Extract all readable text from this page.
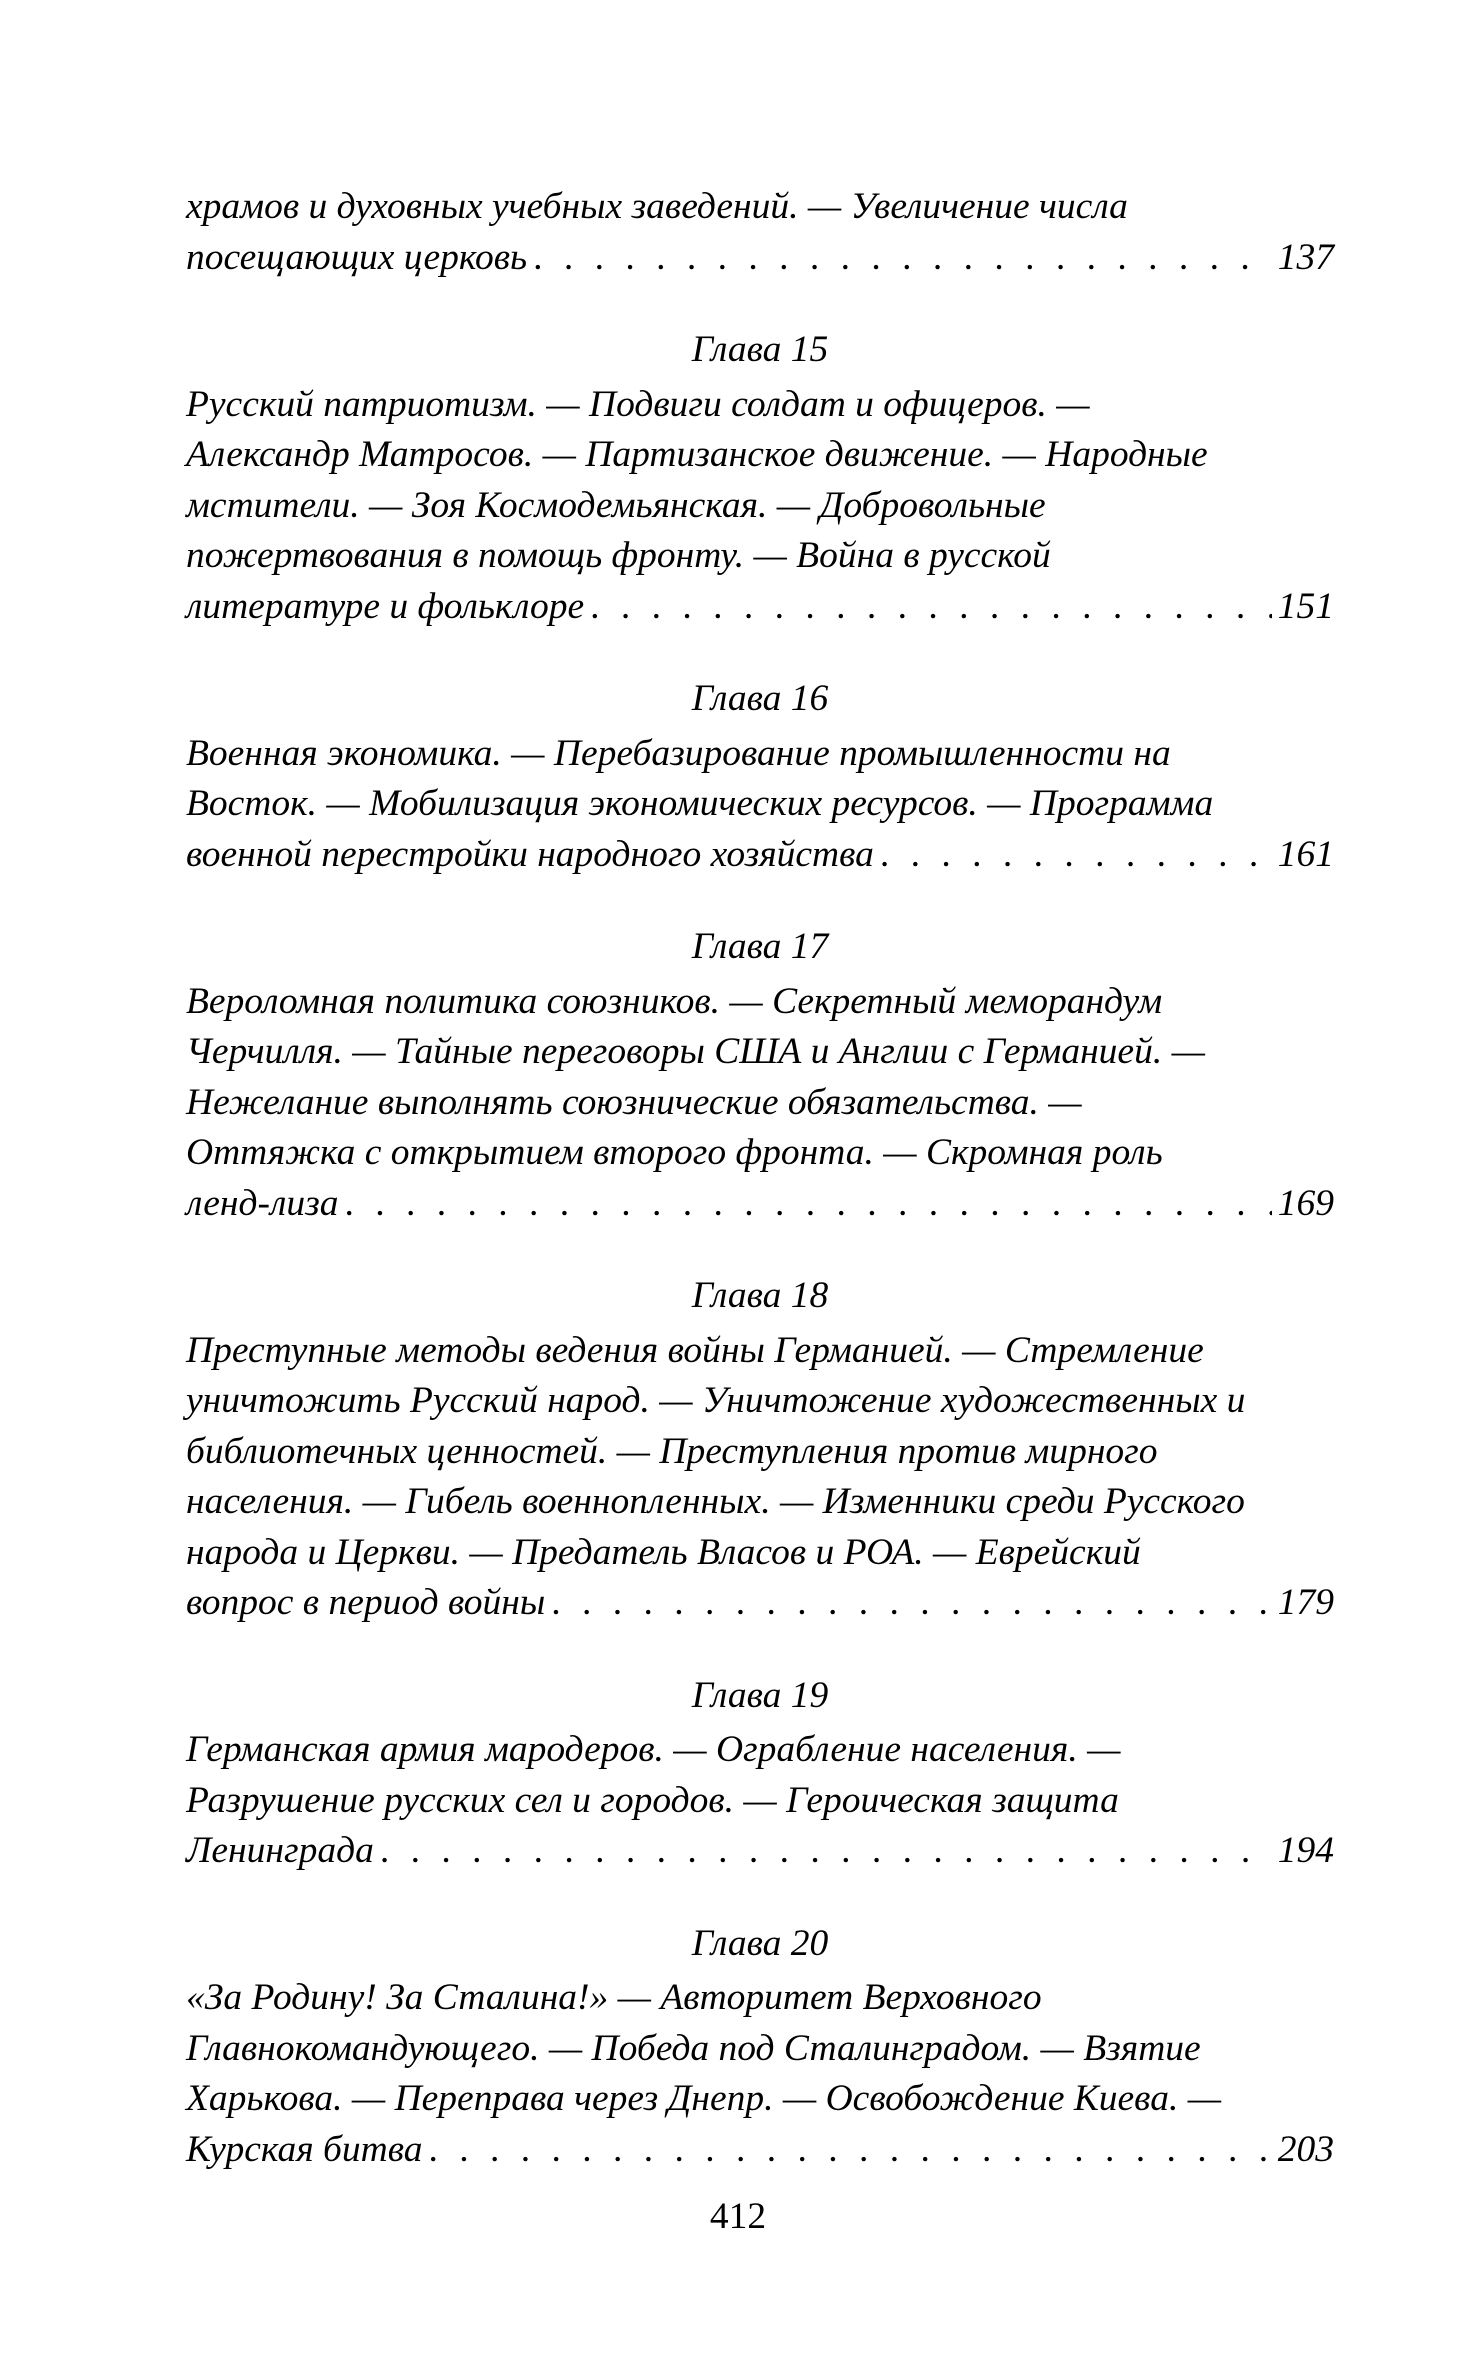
храмов и духовных учебных заведений. — Увеличение числа
посещающих церковь . . .	137
Глава 15
Русский патриотизм. — Подвиги солдат и офицеров. —
Александр Матросов. — Партизанское движение. — Народные
мстители. — Зоя Космодемьянская. — Добровольные
пожертвования в помощь фронту. — Война в русской
литературе и фольклоре . . .	151
Глава 16
Военная экономика. — Перебазирование промышленности на
Восток. — Мобилизация экономических ресурсов. — Программа
военной перестройки народного хозяйства . . .	161
Глава 17
Вероломная политика союзников. — Секретный меморандум
Черчилля. — Тайные переговоры США и Англии с Германией. —
Нежелание выполнять союзнические обязательства. —
Оттяжка с открытием второго фронта. — Скромная роль
ленд-лиза . . .	169
Глава 18
Преступные методы ведения войны Германией. — Стремление
уничтожить Русский народ. — Уничтожение художественных и
библиотечных ценностей. — Преступления против мирного
населения. — Гибель военнопленных. — Изменники среди Русского
народа и Церкви. — Предатель Власов и РОА. — Еврейский
вопрос в период войны . . .	179
Глава 19
Германская армия мародеров. — Ограбление населения. —
Разрушение русских сел и городов. — Героическая защита
Ленинграда . . .	194
Глава 20
«За Родину! За Сталина!» — Авторитет Верховного
Главнокомандующего. — Победа под Сталинградом. — Взятие
Харькова. — Переправа через Днепр. — Освобождение Киева. —
Курская битва . . .	203
412
